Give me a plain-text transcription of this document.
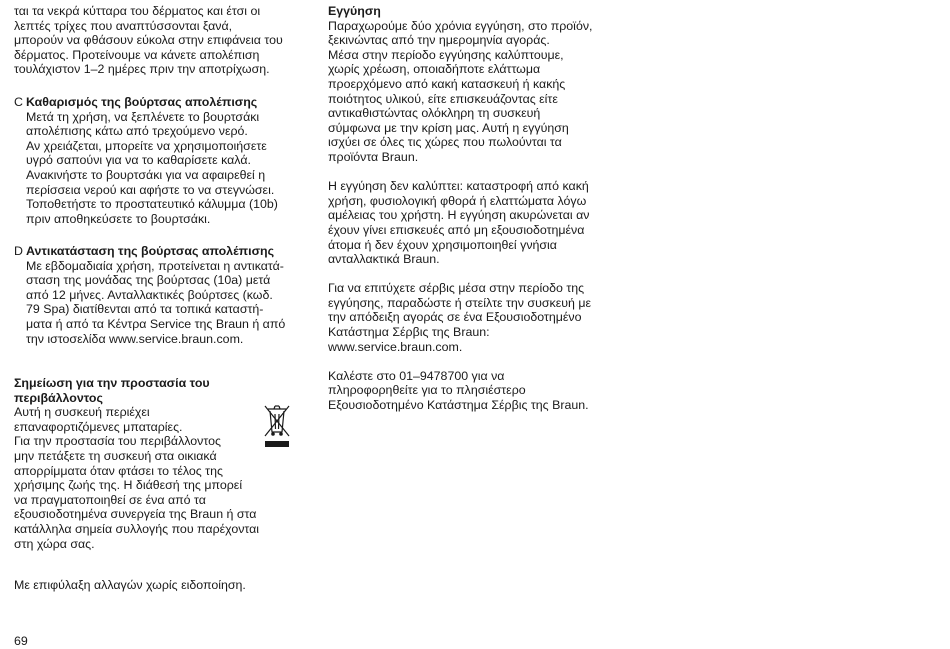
ται τα νεκρά κύτταρα του δέρματος και έτσι οι
λεπτές τρίχες που αναπτύσσονται ξανά,
μπορούν να φθάσουν εύκολα στην επιφάνεια του
δέρματος. Προτείνουμε να κάνετε απολέπιση
τουλάχιστον 1–2 ημέρες πριν την αποτρίχωση.
C Καθαρισμός της βούρτσας απολέπισης
Μετά τη χρήση, να ξεπλένετε το βουρτσάκι
απολέπισης κάτω από τρεχούμενο νερό.
Αν χρειάζεται, μπορείτε να χρησιμοποιήσετε
υγρό σαπούνι για να το καθαρίσετε καλά.
Ανακινήστε το βουρτσάκι για να αφαιρεθεί η
περίσσεια νερού και αφήστε το να στεγνώσει.
Τοποθετήστε το προστατευτικό κάλυμμα (10b)
πριν αποθηκεύσετε το βουρτσάκι.
D Αντικατάσταση της βούρτσας απολέπισης
Με εβδομαδιαία χρήση, προτείνεται η αντικατά-
σταση της μονάδας της βούρτσας (10a) μετά
από 12 μήνες. Ανταλλακτικές βούρτσες (κωδ.
79 Spa) διατίθενται από τα τοπικά καταστή-
ματα ή από τα Κέντρα Service της Braun ή από
την ιστοσελίδα www.service.braun.com.
Σημείωση για την προστασία του
περιβάλλοντος
Αυτή η συσκευή περιέχει
επαναφορτιζόμενες μπαταρίες.
Για την προστασία του περιβάλλοντος
μην πετάξετε τη συσκευή στα οικιακά
απορρίμματα όταν φτάσει το τέλος της
χρήσιμης ζωής της. Η διάθεσή της μπορεί
να πραγματοποιηθεί σε ένα από τα
εξουσιοδοτημένα συνεργεία της Braun ή στα
κατάλληλα σημεία συλλογής που παρέχονται
στη χώρα σας.
Με επιφύλαξη αλλαγών χωρίς ειδοποίηση.
69
Εγγύηση

Παραχωρούμε δύο χρόνια εγγύηση, στο προϊόν,
ξεκινώντας από την ημερομηνία αγοράς.
Μέσα στην περίοδο εγγύησης καλύπτουμε,
χωρίς χρέωση, οποιαδήποτε ελάττωμα
προερχόμενο από κακή κατασκευή ή κακής
ποιότητος υλικού, είτε επισκευάζοντας είτε
αντικαθιστώντας ολόκληρη τη συσκευή
σύμφωνα με την κρίση μας. Αυτή η εγγύηση
ισχύει σε όλες τις χώρες που πωλούνται τα
προϊόντα Braun.

Η εγγύηση δεν καλύπτει: καταστροφή από κακή
χρήση, φυσιολογική φθορά ή ελαττώματα λόγω
αμέλειας του χρήστη. Η εγγύηση ακυρώνεται αν
έχουν γίνει επισκευές από μη εξουσιοδοτημένα
άτομα ή δεν έχουν χρησιμοποιηθεί γνήσια
ανταλλακτικά Braun.

Για να επιτύχετε σέρβις μέσα στην περίοδο της
εγγύησης, παραδώστε ή στείλτε την συσκευή με
την απόδειξη αγοράς σε ένα Εξουσιοδοτημένο
Κατάστημα Σέρβις της Braun:
www.service.braun.com.

Καλέστε στο 01–9478700 για να
πληροφορηθείτε για το πλησιέστερο
Εξουσιοδοτημένο Κατάστημα Σέρβις της Braun.
